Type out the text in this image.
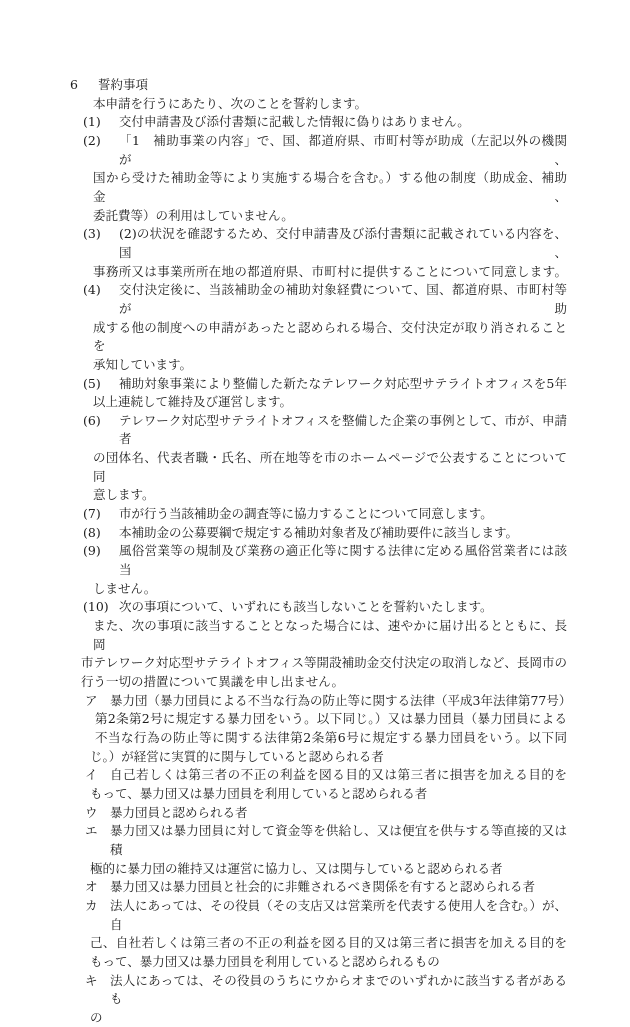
6 誓約事項
本申請を行うにあたり、次のことを誓約します。
(1) 交付申請書及び添付書類に記載した情報に偽りはありません。
(2) 「1　補助事業の内容」で、国、都道府県、市町村等が助成（左記以外の機関が、
国から受けた補助金等により実施する場合を含む。）する他の制度（助成金、補助金、
委託費等）の利用はしていません。
(3) (2)の状況を確認するため、交付申請書及び添付書類に記載されている内容を、国、
事務所又は事業所所在地の都道府県、市町村に提供することについて同意します。
(4) 交付決定後に、当該補助金の補助対象経費について、国、都道府県、市町村等が助
成する他の制度への申請があったと認められる場合、交付決定が取り消されることを
承知しています。
(5) 補助対象事業により整備した新たなテレワーク対応型サテライトオフィスを5年
以上連続して維持及び運営します。
(6) テレワーク対応型サテライトオフィスを整備した企業の事例として、市が、申請者
の団体名、代表者職・氏名、所在地等を市のホームページで公表することについて同
意します。
(7) 市が行う当該補助金の調査等に協力することについて同意します。
(8) 本補助金の公募要綱で規定する補助対象者及び補助要件に該当します。
(9) 風俗営業等の規制及び業務の適正化等に関する法律に定める風俗営業者には該当
しません。
(10) 次の事項について、いずれにも該当しないことを誓約いたします。
また、次の事項に該当することとなった場合には、速やかに届け出るとともに、長岡
市テレワーク対応型サテライトオフィス等開設補助金交付決定の取消しなど、長岡市の
行う一切の措置について異議を申し出ません。
ア 暴力団（暴力団員による不当な行為の防止等に関する法律（平成3年法律第77号）
第2条第2号に規定する暴力団をいう。以下同じ。）又は暴力団員（暴力団員による
不当な行為の防止等に関する法律第2条第6号に規定する暴力団員をいう。以下同
じ。）が経営に実質的に関与していると認められる者
イ 自己若しくは第三者の不正の利益を図る目的又は第三者に損害を加える目的を
もって、暴力団又は暴力団員を利用していると認められる者
ウ 暴力団員と認められる者
エ 暴力団又は暴力団員に対して資金等を供給し、又は便宜を供与する等直接的又は積
極的に暴力団の維持又は運営に協力し、又は関与していると認められる者
オ 暴力団又は暴力団員と社会的に非難されるべき関係を有すると認められる者
カ 法人にあっては、その役員（その支店又は営業所を代表する使用人を含む。）が、自
己、自社若しくは第三者の不正の利益を図る目的又は第三者に損害を加える目的を
もって、暴力団又は暴力団員を利用していると認められるもの
キ 法人にあっては、その役員のうちにウからオまでのいずれかに該当する者があるも
の
